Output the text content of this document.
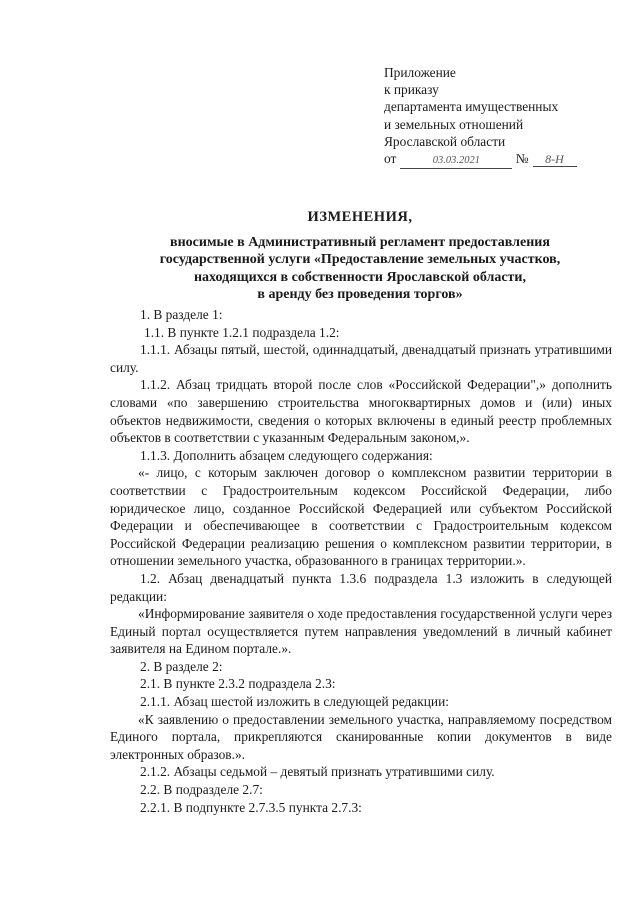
Приложение
к приказу
департамента имущественных
и земельных отношений
Ярославской области
от	03.03.2021	№ 8-Н
ИЗМЕНЕНИЯ,
вносимые в Административный регламент предоставления
государственной услуги «Предоставление земельных участков,
находящихся в собственности Ярославской области,
в аренду без проведения торгов»

1. В разделе 1:

1.1. В пункте 1.2.1 подраздела 1.2:

1.1.1. Абзацы пятый, шестой, одиннадцатый, двенадцатый признать утратившими силу.

1.1.2. Абзац тридцать второй после слов «Российской Федерации",» дополнить словами «по завершению строительства многоквартирных домов и (или) иных объектов недвижимости, сведения о которых включены в единый реестр проблемных объектов в соответствии с указанным Федеральным законом,».

1.1.3. Дополнить абзацем следующего содержания:

«- лицо, с которым заключен договор о комплексном развитии территории в соответствии с Градостроительным кодексом Российской Федерации, либо юридическое лицо, созданное Российской Федерацией или субъектом Российской Федерации и обеспечивающее в соответствии с Градостроительным кодексом Российской Федерации реализацию решения о комплексном развитии территории, в отношении земельного участка, образованного в границах территории.».

1.2. Абзац двенадцатый пункта 1.3.6 подраздела 1.3 изложить в следующей редакции:

«Информирование заявителя о ходе предоставления государственной услуги через Единый портал осуществляется путем направления уведомлений в личный кабинет заявителя на Едином портале.».

2. В разделе 2:

2.1. В пункте 2.3.2 подраздела 2.3:

2.1.1. Абзац шестой изложить в следующей редакции:

«К заявлению о предоставлении земельного участка, направляемому посредством Единого портала, прикрепляются сканированные копии документов в виде электронных образов.».

2.1.2. Абзацы седьмой – девятый признать утратившими силу.

2.2. В подразделе 2.7:

2.2.1. В подпункте 2.7.3.5 пункта 2.7.3:
